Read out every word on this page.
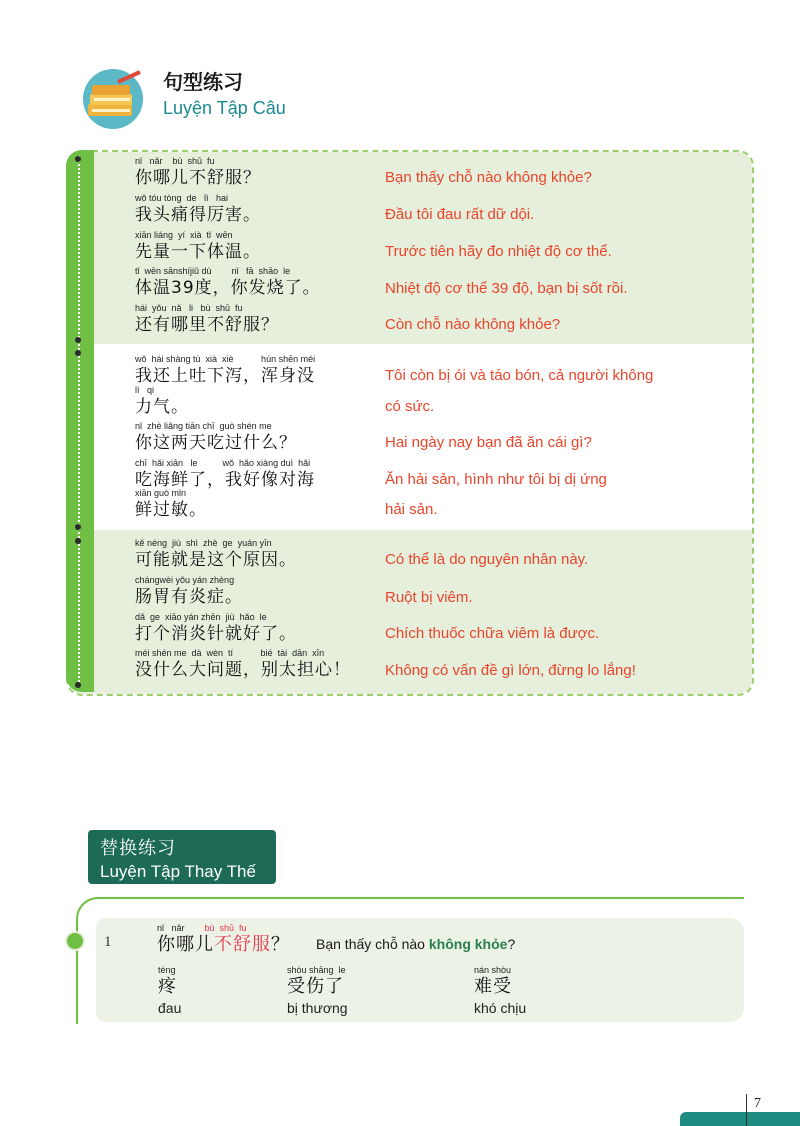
句型练习
Luyện Tập Câu
nǐ   nǎr    bù  shū  fu
你哪儿不舒服？	Bạn thấy chỗ nào không khỏe?
wǒ tóu tòng  de   lì   hai
我头痛得厉害。	Đầu tôi đau rất dữ dội.
xiān liáng  yí  xià  tǐ  wēn
先量一下体温。	Trước tiên hãy đo nhiệt độ cơ thể.
tǐ  wēn sānshíjiǔ dù        nǐ   fā  shāo  le
体温39度，你发烧了。	Nhiệt độ cơ thể 39 độ, bạn bị sốt rồi.
hái  yǒu  nǎ   li   bù  shū  fu
还有哪里不舒服？	Còn chỗ nào không khỏe?
wǒ  hái shàng tù  xià  xiè           hún shēn méi
我还上吐下泻，浑身没	Tôi còn bị ói và táo bón, cả người không
lì   qi
力气。	có sức.
nǐ  zhè liǎng tiān chī  guò shén me
你这两天吃过什么？	Hai ngày nay bạn đã ăn cái gì?
chī  hǎi xiān   le          wǒ  hǎo xiàng duì  hǎi
吃海鲜了，我好像对海	Ăn hải sản, hình như tôi bị dị ứng
xiān guò mǐn
鲜过敏。	hải sản.
kě néng  jiù  shì  zhè  ge  yuán yīn
可能就是这个原因。	Có thể là do nguyên nhân này.
chángwèi yǒu yán zhèng
肠胃有炎症。	Ruột bị viêm.
dǎ  ge  xiāo yán zhēn  jiù  hǎo  le
打个消炎针就好了。	Chích thuốc chữa viêm là được.
méi shén me  dà  wèn  tí           bié  tài  dān  xīn
没什么大问题，别太担心！ Không có vấn đề gì lớn, đừng lo lắng!
替换练习
Luyện Tập Thay Thế
1
nǐ   nǎr bù  shū  fu
你哪儿不舒服？ Bạn thấy chỗ nào không khỏe?
téng
疼
đau
shòu shāng  le
受伤了
bị thương
nán shòu
难受
khó chịu
7
